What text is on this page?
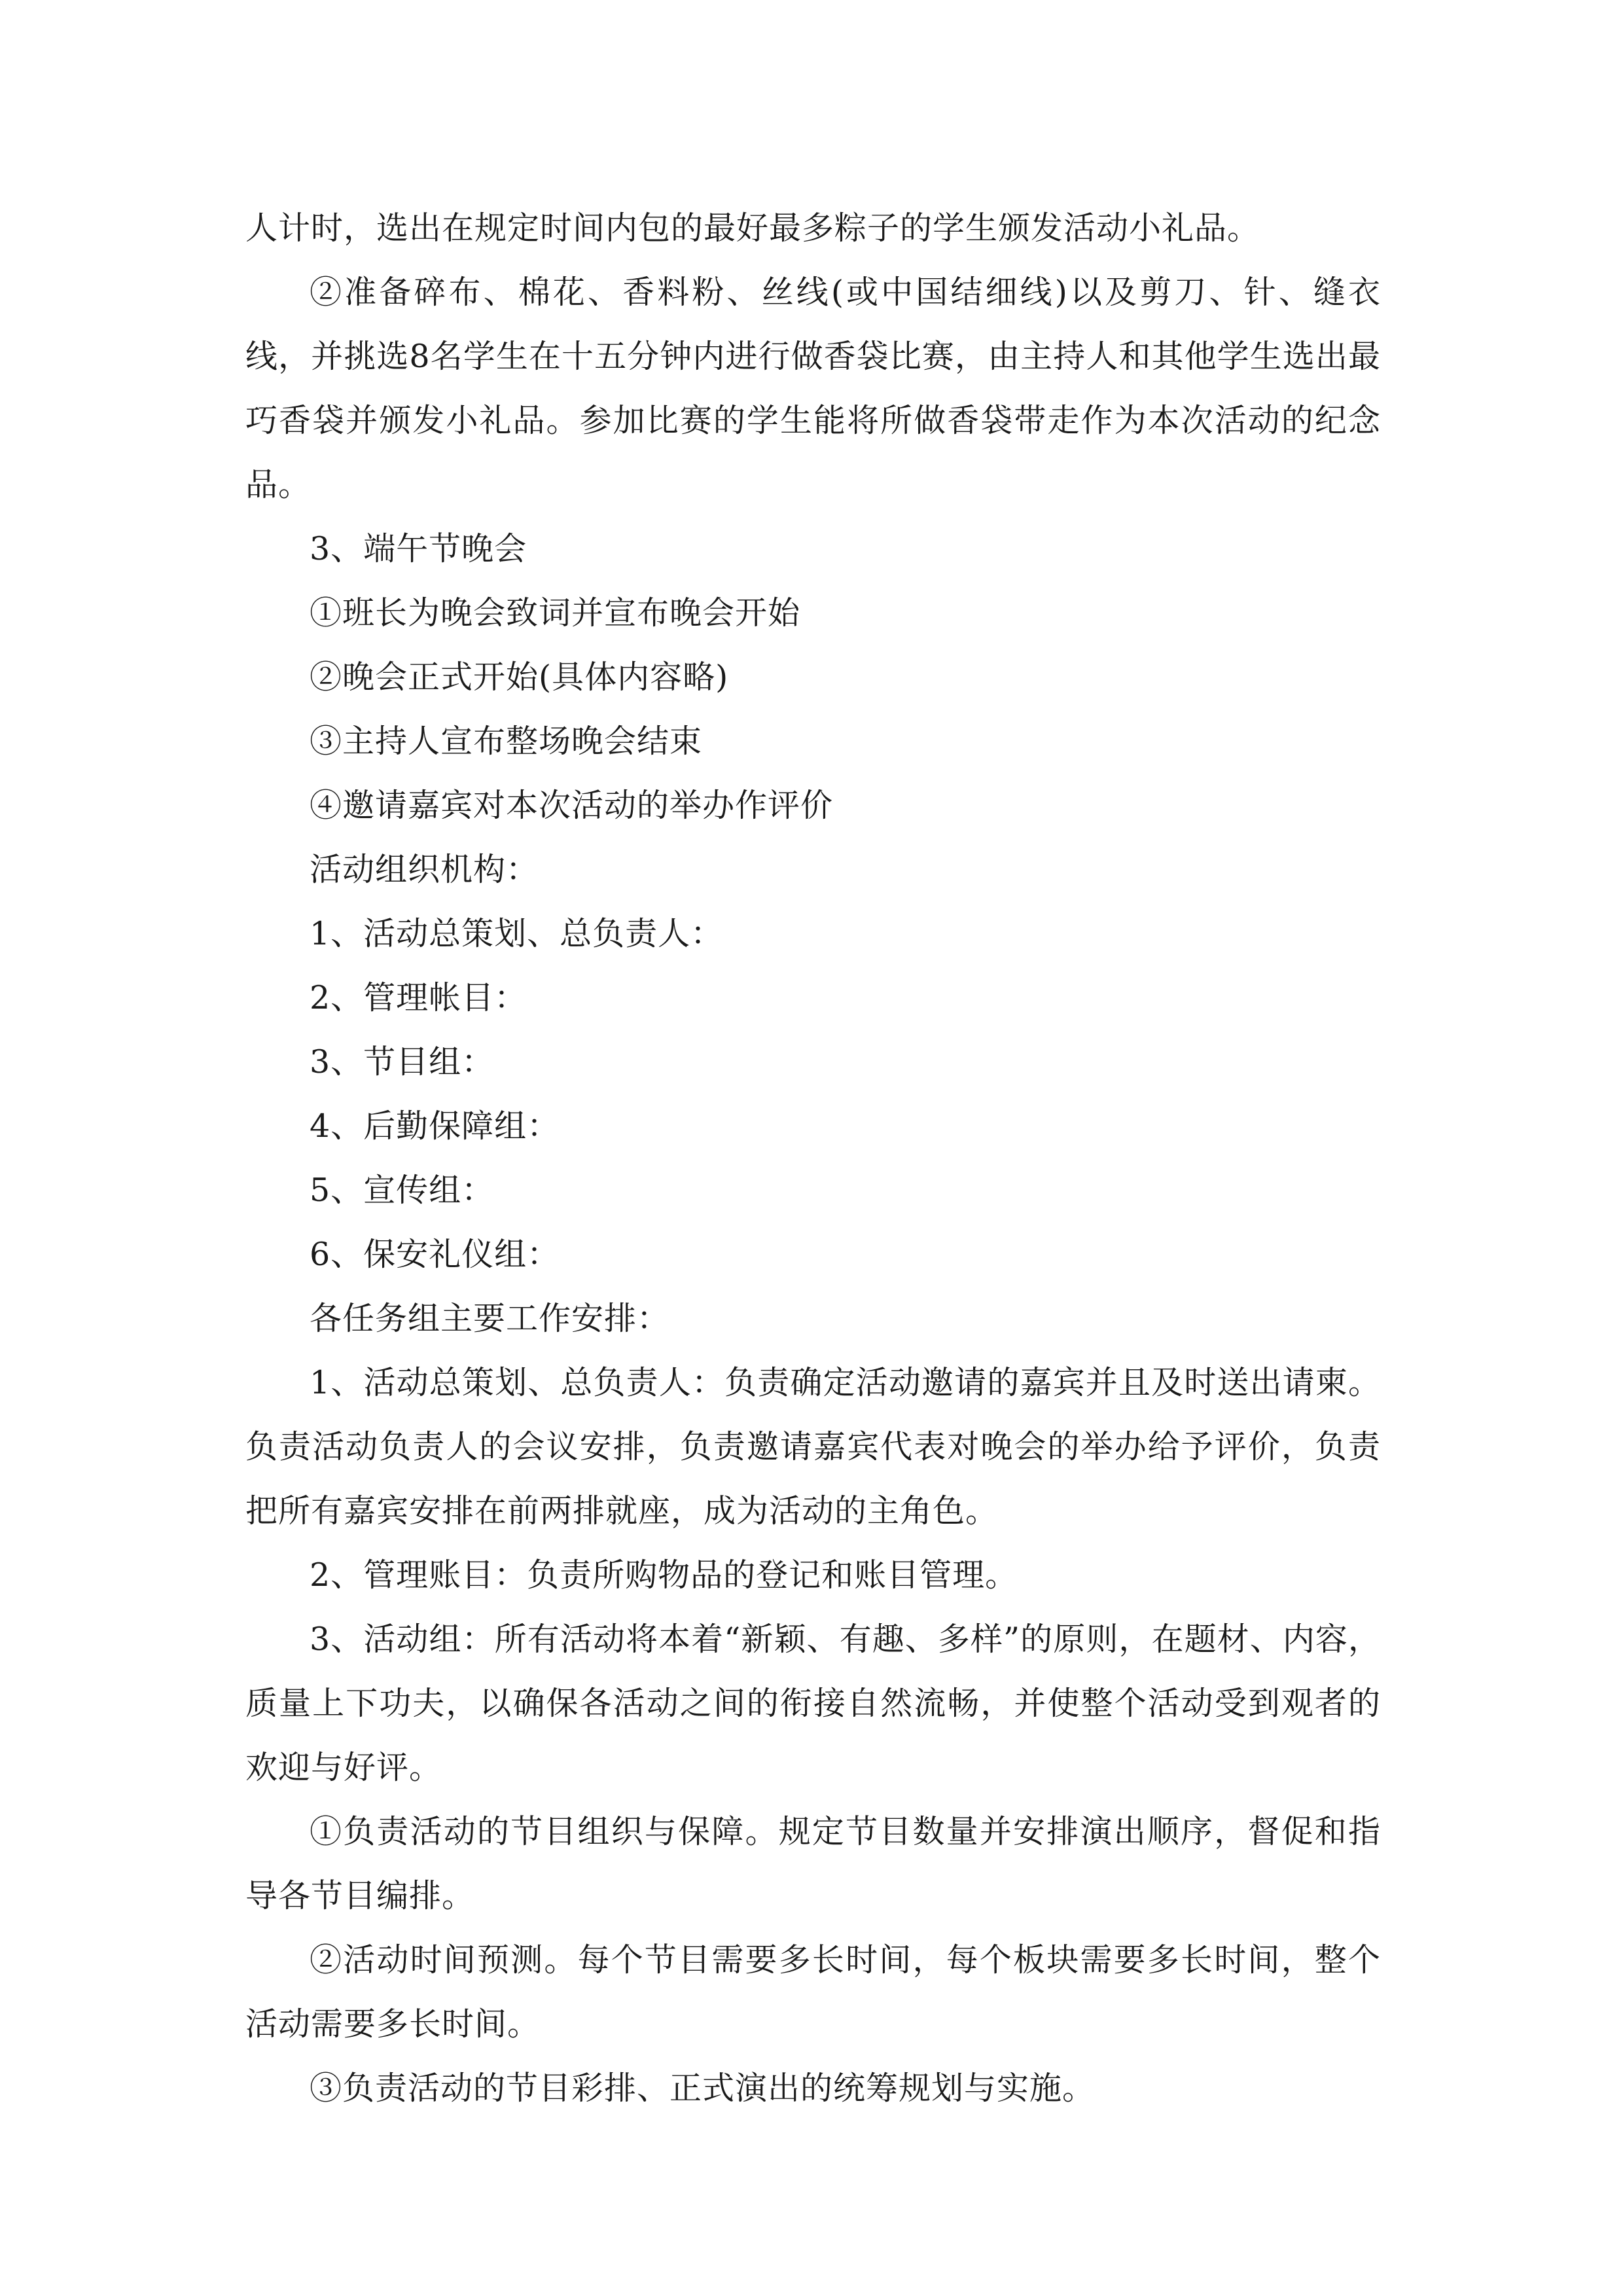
人计时，选出在规定时间内包的最好最多粽子的学生颁发活动小礼品。

②准备碎布、棉花、香料粉、丝线(或中国结细线)以及剪刀、针、缝衣线，并挑选8名学生在十五分钟内进行做香袋比赛，由主持人和其他学生选出最巧香袋并颁发小礼品。参加比赛的学生能将所做香袋带走作为本次活动的纪念品。

3、端午节晚会

①班长为晚会致词并宣布晚会开始

②晚会正式开始(具体内容略)

③主持人宣布整场晚会结束

④邀请嘉宾对本次活动的举办作评价

活动组织机构：

1、活动总策划、总负责人：

2、管理帐目：

3、节目组：

4、后勤保障组：

5、宣传组：

6、保安礼仪组：

各任务组主要工作安排：

1、活动总策划、总负责人：负责确定活动邀请的嘉宾并且及时送出请柬。负责活动负责人的会议安排，负责邀请嘉宾代表对晚会的举办给予评价，负责把所有嘉宾安排在前两排就座，成为活动的主角色。

2、管理账目：负责所购物品的登记和账目管理。

3、活动组：所有活动将本着“新颖、有趣、多样”的原则，在题材、内容，质量上下功夫，以确保各活动之间的衔接自然流畅，并使整个活动受到观者的欢迎与好评。

①负责活动的节目组织与保障。规定节目数量并安排演出顺序，督促和指导各节目编排。

②活动时间预测。每个节目需要多长时间，每个板块需要多长时间，整个活动需要多长时间。

③负责活动的节目彩排、正式演出的统筹规划与实施。
